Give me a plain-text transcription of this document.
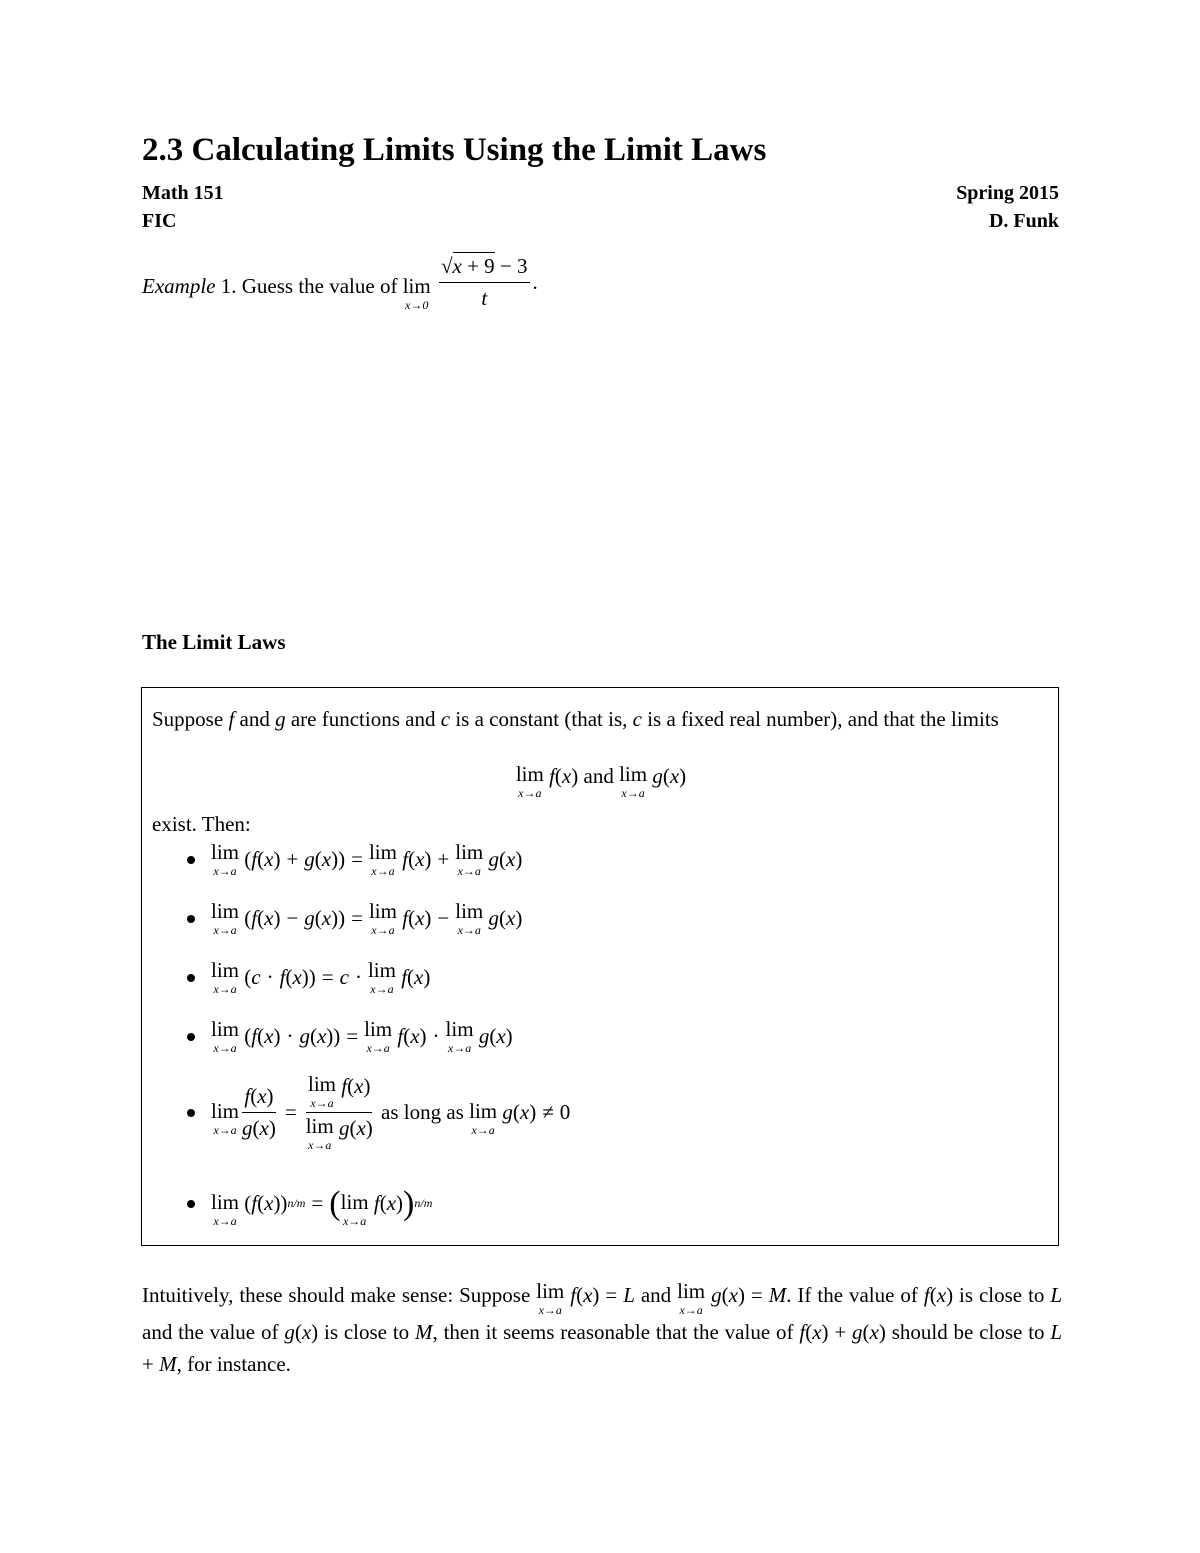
2.3 Calculating Limits Using the Limit Laws
Math 151	Spring 2015
FIC	D. Funk
Example 1. Guess the value of lim
x→0
$\frac{√x + 9 - 3}{t}$ .
The Limit Laws
Suppose f and g are functions and c is a constant (that is, c is a fixed real number), and that the limits
lim
x→a
f(x) and lim
x→a
g(x)
exist. Then:
lim
x→a ( f ( x ) + g ( x )) = lim
x→a
f ( x ) + lim
x→a
g ( x )
lim
x→a ( f ( x ) − g ( x )) = lim
x→a
f ( x ) − lim
x→a
g ( x )
lim
x→a ( c · f ( x )) = c · lim
x→a
f ( x )
lim
x→a ( f ( x ) · g ( x )) = lim
x→a
f ( x ) · lim
x→a
g ( x )
lim
$x\to a \frac{f(x)}{g(x)} = \lim$
x→a
f(x)
lim
x→a
g(x)
as long as
lim
x→a

g ( x ) ≠ 0
lim
x→a
( f ( x )) n/m = ( lim
x→a

f ( x ) ) n/m
Intuitively, these should make sense: Suppose lim
x→a
f(x) = L and lim
x→a
g(x) = M. If the value of f(x) is close to L and the value of g(x) is close to M, then it seems reasonable that the value of f(x) + g(x) should be close to L + M, for instance.
